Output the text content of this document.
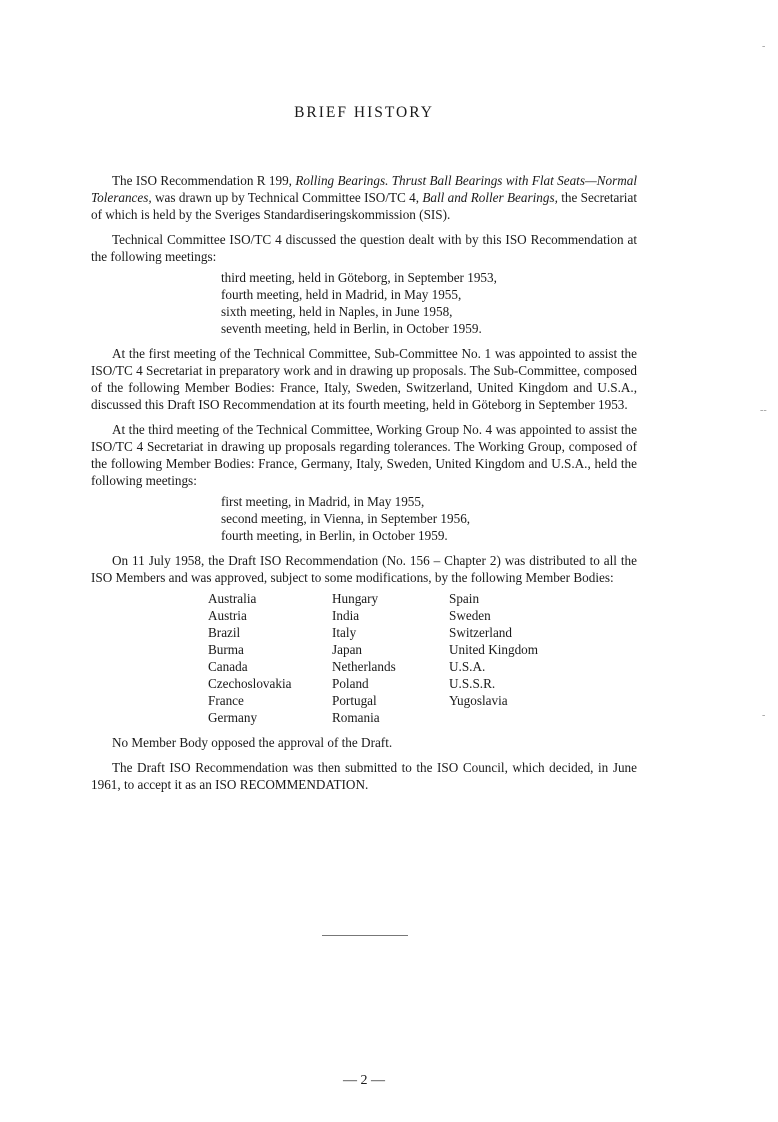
BRIEF HISTORY

The ISO Recommendation R 199, Rolling Bearings. Thrust Ball Bearings with Flat Seats—Normal Tolerances, was drawn up by Technical Committee ISO/TC 4, Ball and Roller Bearings, the Secretariat of which is held by the Sveriges Standardiseringskommission (SIS).

Technical Committee ISO/TC 4 discussed the question dealt with by this ISO Recommendation at the following meetings:

third meeting, held in Göteborg, in September 1953,
fourth meeting, held in Madrid, in May 1955,
sixth meeting, held in Naples, in June 1958,
seventh meeting, held in Berlin, in October 1959.

At the first meeting of the Technical Committee, Sub-Committee No. 1 was appointed to assist the ISO/TC 4 Secretariat in preparatory work and in drawing up proposals. The Sub-Committee, composed of the following Member Bodies: France, Italy, Sweden, Switzerland, United Kingdom and U.S.A., discussed this Draft ISO Recommendation at its fourth meeting, held in Göteborg in September 1953.

At the third meeting of the Technical Committee, Working Group No. 4 was appointed to assist the ISO/TC 4 Secretariat in drawing up proposals regarding tolerances. The Working Group, composed of the following Member Bodies: France, Germany, Italy, Sweden, United Kingdom and U.S.A., held the following meetings:

first meeting, in Madrid, in May 1955,
second meeting, in Vienna, in September 1956,
fourth meeting, in Berlin, in October 1959.

On 11 July 1958, the Draft ISO Recommendation (No. 156 – Chapter 2) was distributed to all the ISO Members and was approved, subject to some modifications, by the following Member Bodies:

Australia
Austria
Brazil
Burma
Canada
Czechoslovakia
France
Germany
Hungary
India
Italy
Japan
Netherlands
Poland
Portugal
Romania
Spain
Sweden
Switzerland
United Kingdom
U.S.A.
U.S.S.R.
Yugoslavia

No Member Body opposed the approval of the Draft.

The Draft ISO Recommendation was then submitted to the ISO Council, which decided, in June 1961, to accept it as an ISO RECOMMENDATION.

— 2 —
-
--
-
